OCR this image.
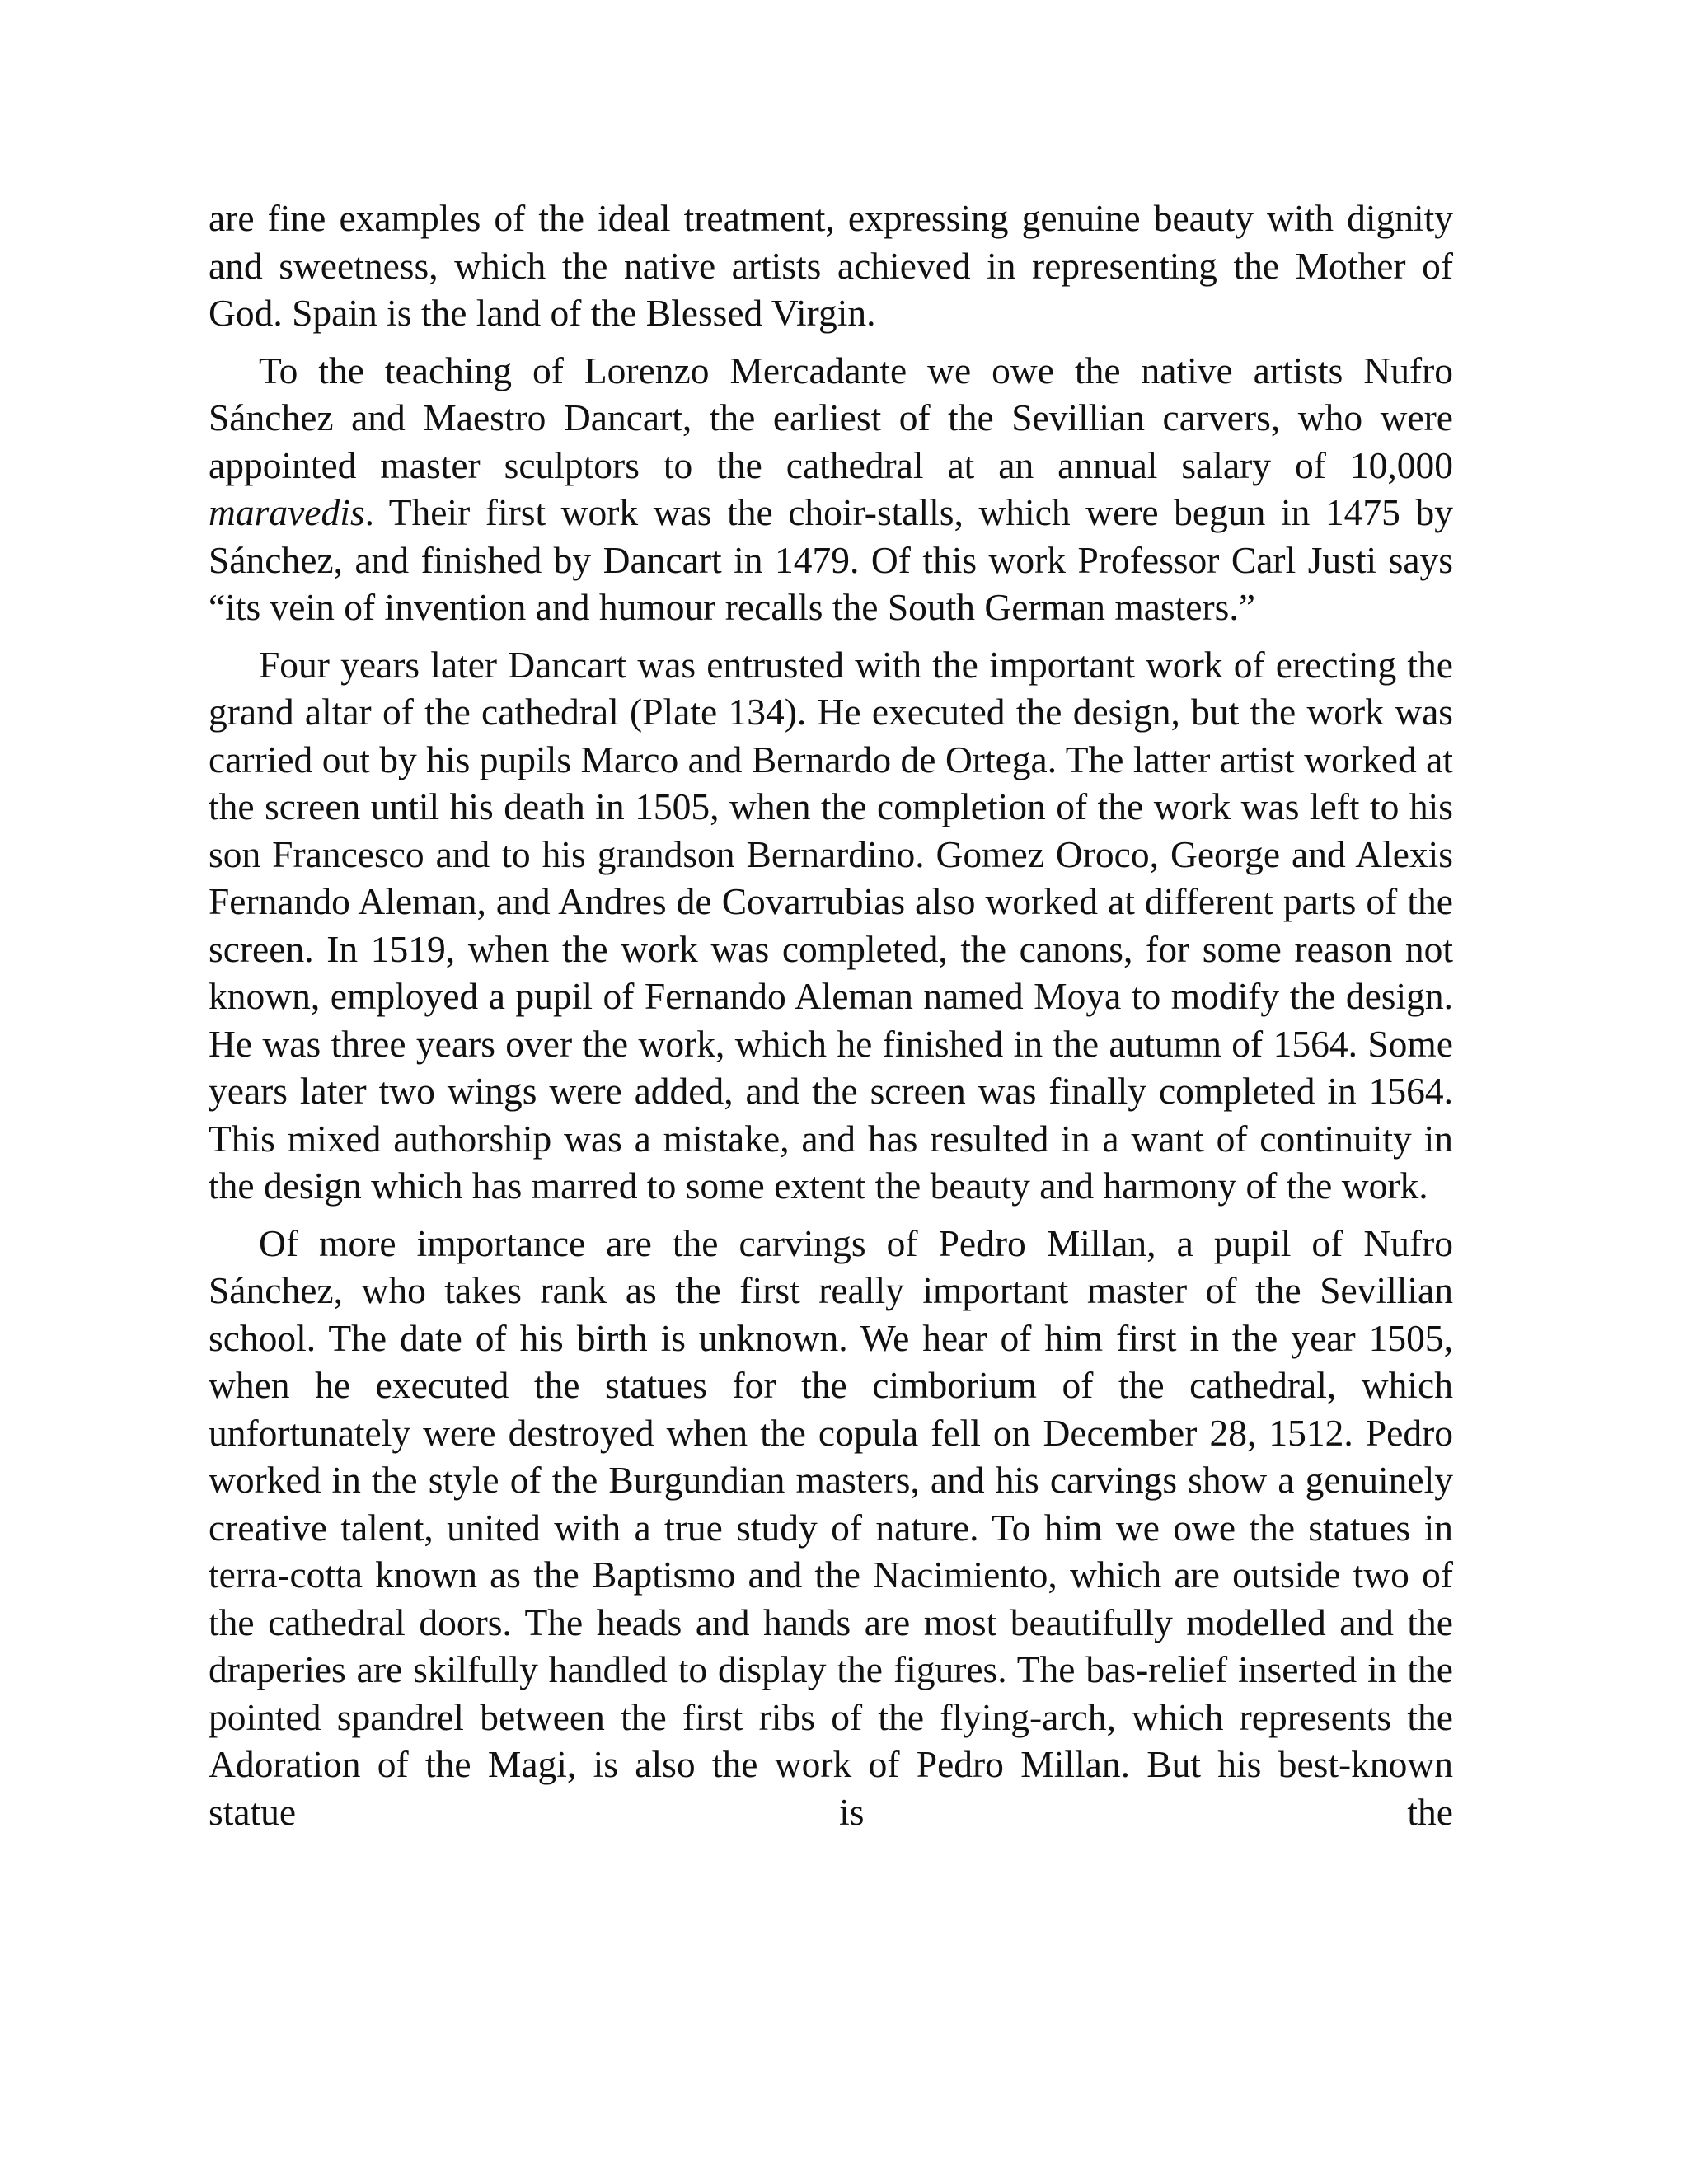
are fine examples of the ideal treatment, expressing genuine beauty with dignity and sweetness, which the native artists achieved in representing the Mother of God. Spain is the land of the Blessed Virgin.

To the teaching of Lorenzo Mercadante we owe the native artists Nufro Sánchez and Maestro Dancart, the earliest of the Sevillian carvers, who were appointed master sculptors to the cathedral at an annual salary of 10,000 maravedis. Their first work was the choir-stalls, which were begun in 1475 by Sánchez, and finished by Dancart in 1479. Of this work Professor Carl Justi says “its vein of invention and humour recalls the South German masters.”

Four years later Dancart was entrusted with the important work of erecting the grand altar of the cathedral (Plate 134). He executed the design, but the work was carried out by his pupils Marco and Bernardo de Ortega. The latter artist worked at the screen until his death in 1505, when the completion of the work was left to his son Francesco and to his grandson Bernardino. Gomez Oroco, George and Alexis Fernando Aleman, and Andres de Covarrubias also worked at different parts of the screen. In 1519, when the work was completed, the canons, for some reason not known, employed a pupil of Fernando Aleman named Moya to modify the design. He was three years over the work, which he finished in the autumn of 1564. Some years later two wings were added, and the screen was finally completed in 1564. This mixed authorship was a mistake, and has resulted in a want of continuity in the design which has marred to some extent the beauty and harmony of the work.

Of more importance are the carvings of Pedro Millan, a pupil of Nufro Sánchez, who takes rank as the first really important master of the Sevillian school. The date of his birth is unknown. We hear of him first in the year 1505, when he executed the statues for the cimborium of the cathedral, which unfortunately were destroyed when the copula fell on December 28, 1512. Pedro worked in the style of the Burgundian masters, and his carvings show a genuinely creative talent, united with a true study of nature. To him we owe the statues in terra-cotta known as the Baptismo and the Nacimiento, which are outside two of the cathedral doors. The heads and hands are most beautifully modelled and the draperies are skilfully handled to display the figures. The bas-relief inserted in the pointed spandrel between the first ribs of the flying-arch, which represents the Adoration of the Magi, is also the work of Pedro Millan. But his best-known statue is the
